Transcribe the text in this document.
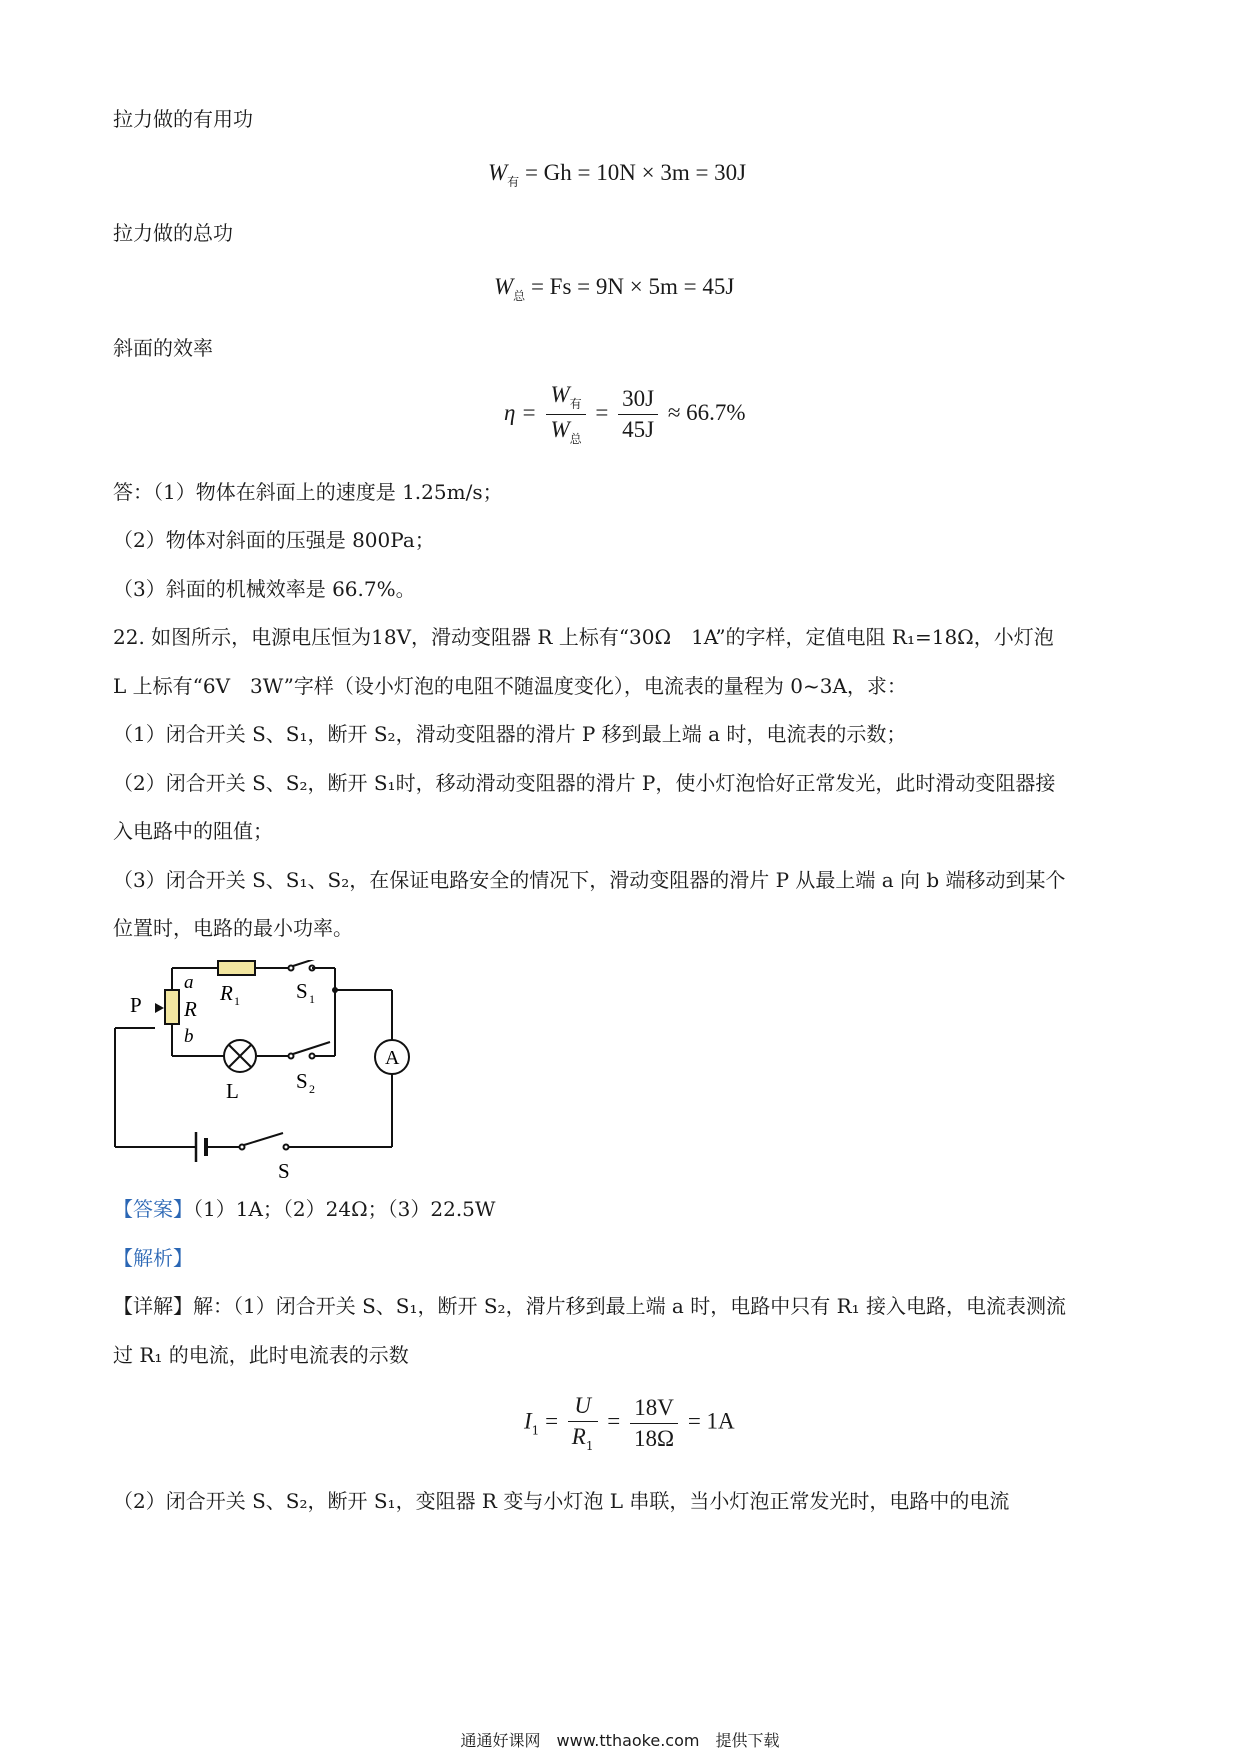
拉力做的有用功
$W_有 = Gh = 10N \times 3m = 30J$
拉力做的总功
$W_总 = Fs = 9N \times 5m = 45J$
斜面的效率
$\eta = \frac{W_有}{W_总} = \frac{30J}{45J} \approx 66.7\%$
答：（1）物体在斜面上的速度是 1.25m/s；
（2）物体对斜面的压强是 800Pa；
（3）斜面的机械效率是 66.7%。
22. 如图所示，电源电压恒为18V，滑动变阻器 R 上标有“30Ω　1A”的字样，定值电阻 R₁=18Ω，小灯泡
L 上标有“6V　3W”字样（设小灯泡的电阻不随温度变化），电流表的量程为 0~3A，求：
（1）闭合开关 S、S₁，断开 S₂，滑动变阻器的滑片 P 移到最上端 a 时，电流表的示数；
（2）闭合开关 S、S₂，断开 S₁时，移动滑动变阻器的滑片 P，使小灯泡恰好正常发光，此时滑动变阻器接
入电路中的阻值；
（3）闭合开关 S、S₁、S₂，在保证电路安全的情况下，滑动变阻器的滑片 P 从最上端 a 向 b 端移动到某个
位置时，电路的最小功率。
P
a
R
b
R 1	S 1
L	S 2
A
S
【答案】（1）1A；（2）24Ω；（3）22.5W
【解析】
【详解】解：（1）闭合开关 S、S₁，断开 S₂，滑片移到最上端 a 时，电路中只有 R₁ 接入电路，电流表测流
过 R₁ 的电流，此时电流表的示数
$I_1 = \frac{U}{R_1} = \frac{18V}{18\Omega} = 1A$
（2）闭合开关 S、S₂，断开 S₁，变阻器 R 变与小灯泡 L 串联，当小灯泡正常发光时，电路中的电流
通通好课网　www.tthaoke.com　提供下载
